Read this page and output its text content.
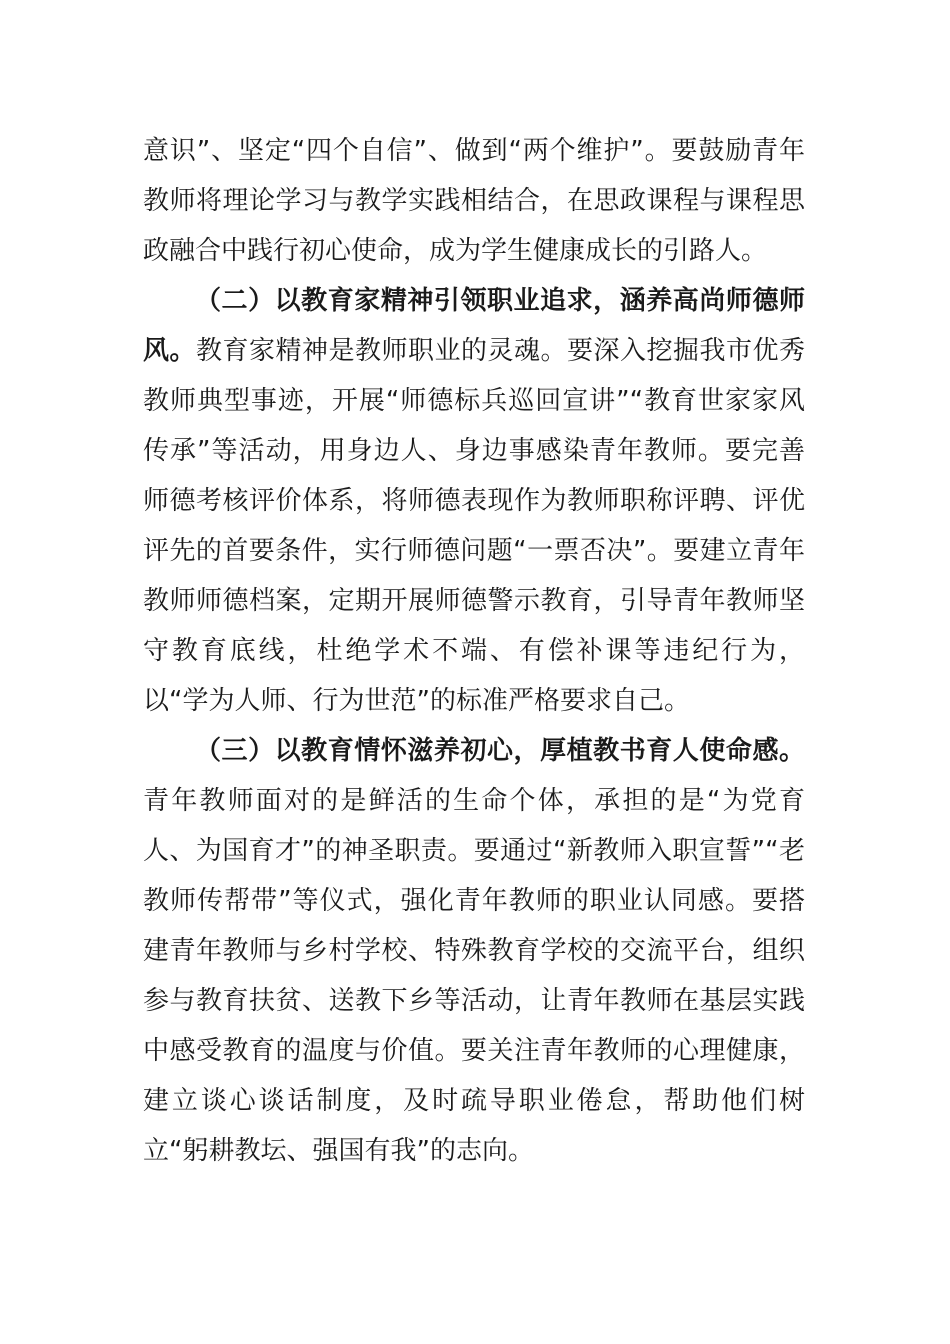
意识”、坚定“四个自信”、做到“两个维护”。要鼓励青年教师将理论学习与教学实践相结合，在思政课程与课程思政融合中践行初心使命，成为学生健康成长的引路人。

（二）以教育家精神引领职业追求，涵养高尚师德师风。教育家精神是教师职业的灵魂。要深入挖掘我市优秀教师典型事迹，开展“师德标兵巡回宣讲”“教育世家家风传承”等活动，用身边人、身边事感染青年教师。要完善师德考核评价体系，将师德表现作为教师职称评聘、评优评先的首要条件，实行师德问题“一票否决”。要建立青年教师师德档案，定期开展师德警示教育，引导青年教师坚守教育底线，杜绝学术不端、有偿补课等违纪行为，以“学为人师、行为世范”的标准严格要求自己。

（三）以教育情怀滋养初心，厚植教书育人使命感。青年教师面对的是鲜活的生命个体，承担的是“为党育人、为国育才”的神圣职责。要通过“新教师入职宣誓”“老教师传帮带”等仪式，强化青年教师的职业认同感。要搭建青年教师与乡村学校、特殊教育学校的交流平台，组织参与教育扶贫、送教下乡等活动，让青年教师在基层实践中感受教育的温度与价值。要关注青年教师的心理健康，建立谈心谈话制度，及时疏导职业倦怠，帮助他们树立“躬耕教坛、强国有我”的志向。
